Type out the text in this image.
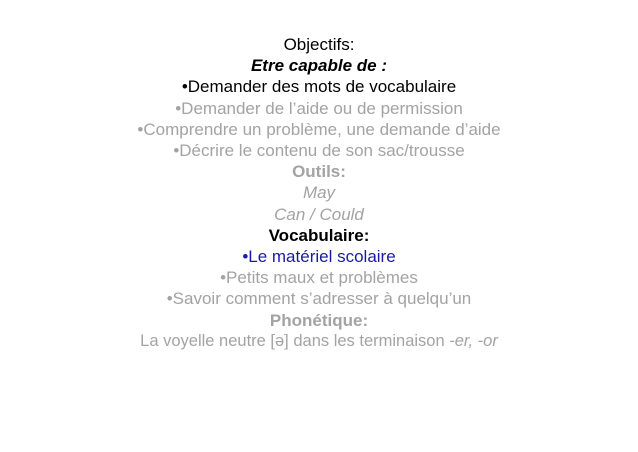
Objectifs:
Etre capable de :
•Demander des mots de vocabulaire
•Demander de l’aide ou de permission
•Comprendre un problème, une demande d’aide
•Décrire le contenu de son sac/trousse
Outils:
May
Can / Could
Vocabulaire:
•Le matériel scolaire
•Petits maux et problèmes
•Savoir comment s’adresser à quelqu’un
Phonétique:
La voyelle neutre [ə] dans les terminaison -er, -or
